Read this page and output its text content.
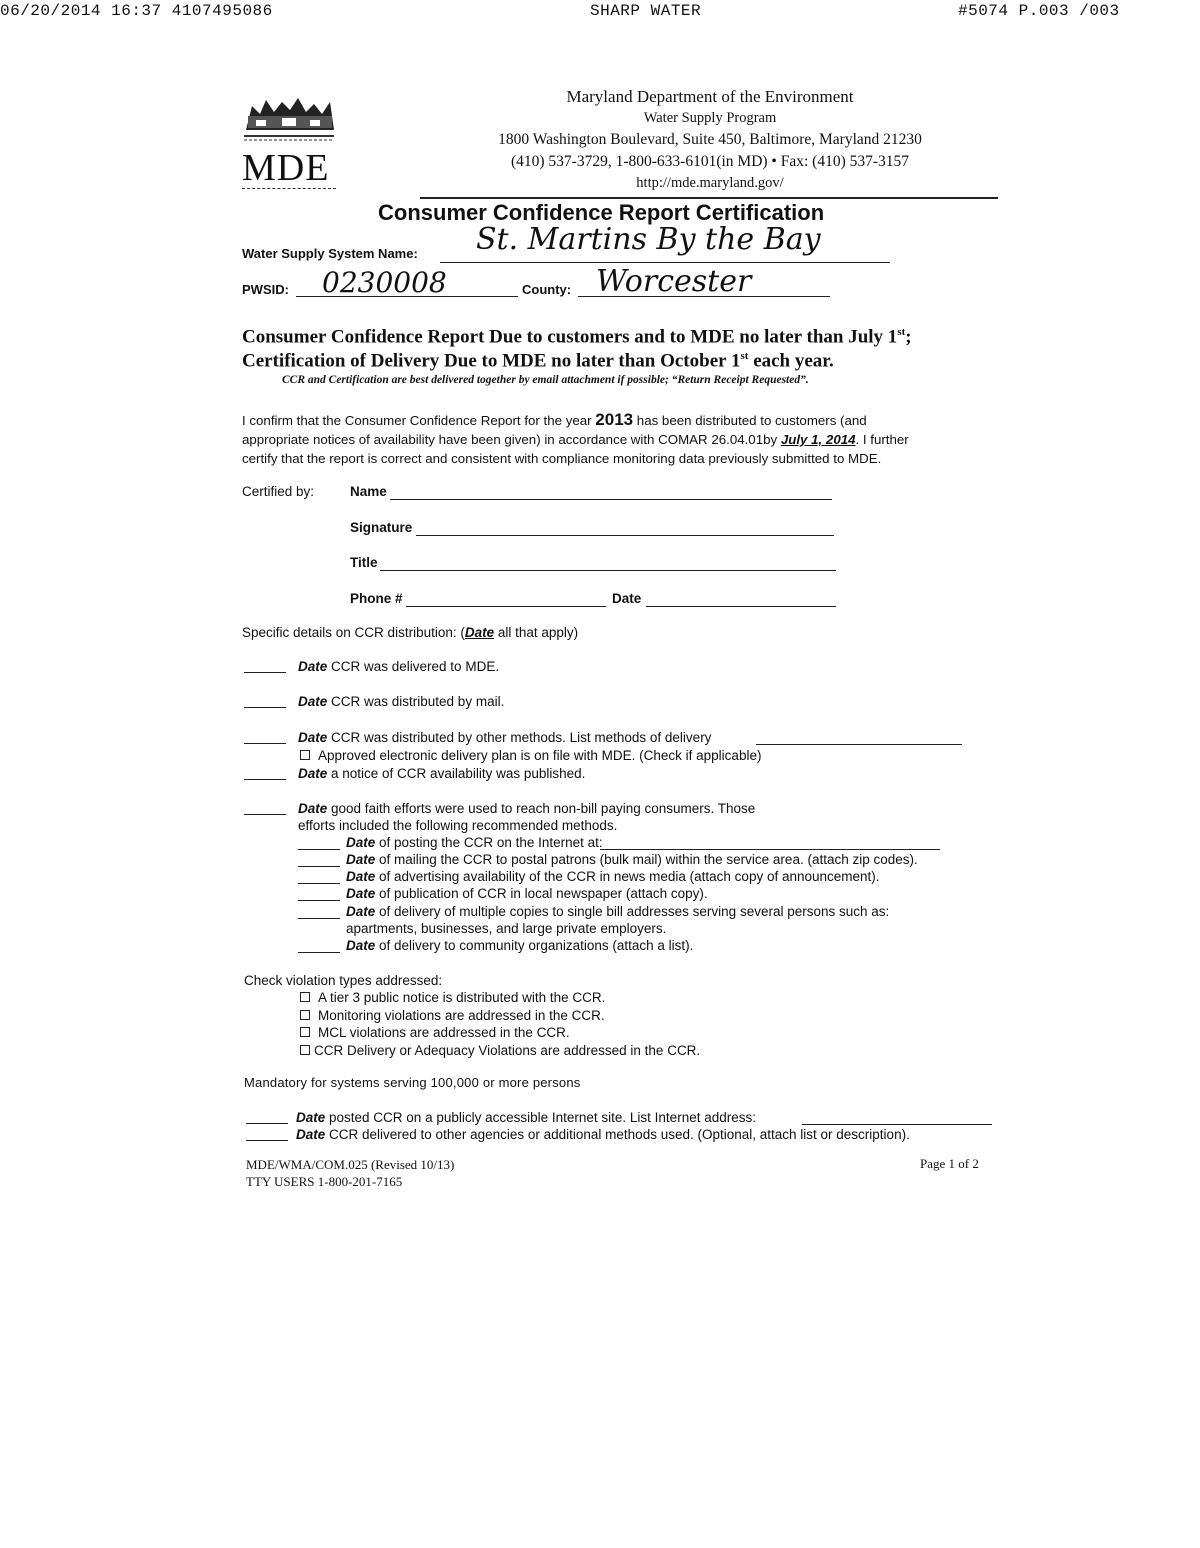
06/20/2014 16:37 4107495086	SHARP WATER	#5074 P.003 /003
MDE
Maryland Department of the Environment
Water Supply Program
1800 Washington Boulevard, Suite 450, Baltimore, Maryland 21230
(410) 537-3729, 1-800-633-6101(in MD) • Fax: (410) 537-3157
http://mde.maryland.gov/
Consumer Confidence Report Certification
Water Supply System Name: St. Martins By the Bay
PWSID: 0230008	County: Worcester
Consumer Confidence Report Due to customers and to MDE no later than July 1st;
Certification of Delivery Due to MDE no later than October 1st each year.
CCR and Certification are best delivered together by email attachment if possible; “Return Receipt Requested”.
I confirm that the Consumer Confidence Report for the year 2013 has been distributed to customers (and
appropriate notices of availability have been given) in accordance with COMAR 26.04.01by July 1, 2014. I further
certify that the report is correct and consistent with compliance monitoring data previously submitted to MDE.
Certified by:	Name
Signature
Title
Phone #	Date
Specific details on CCR distribution: (Date all that apply)
Date CCR was delivered to MDE.
Date CCR was distributed by mail.
Date CCR was distributed by other methods. List methods of delivery
Approved electronic delivery plan is on file with MDE. (Check if applicable)
Date a notice of CCR availability was published.
Date good faith efforts were used to reach non-bill paying consumers. Those
efforts included the following recommended methods.
Date of posting the CCR on the Internet at:
Date of mailing the CCR to postal patrons (bulk mail) within the service area. (attach zip codes).
Date of advertising availability of the CCR in news media (attach copy of announcement).
Date of publication of CCR in local newspaper (attach copy).
Date of delivery of multiple copies to single bill addresses serving several persons such as:
apartments, businesses, and large private employers.
Date of delivery to community organizations (attach a list).
Check violation types addressed:
A tier 3 public notice is distributed with the CCR.
Monitoring violations are addressed in the CCR.
MCL violations are addressed in the CCR.
CCR Delivery or Adequacy Violations are addressed in the CCR.
Mandatory for systems serving 100,000 or more persons
Date posted CCR on a publicly accessible Internet site. List Internet address:
Date CCR delivered to other agencies or additional methods used. (Optional, attach list or description).
MDE/WMA/COM.025 (Revised 10/13)
TTY USERS 1-800-201-7165
Page 1 of 2
